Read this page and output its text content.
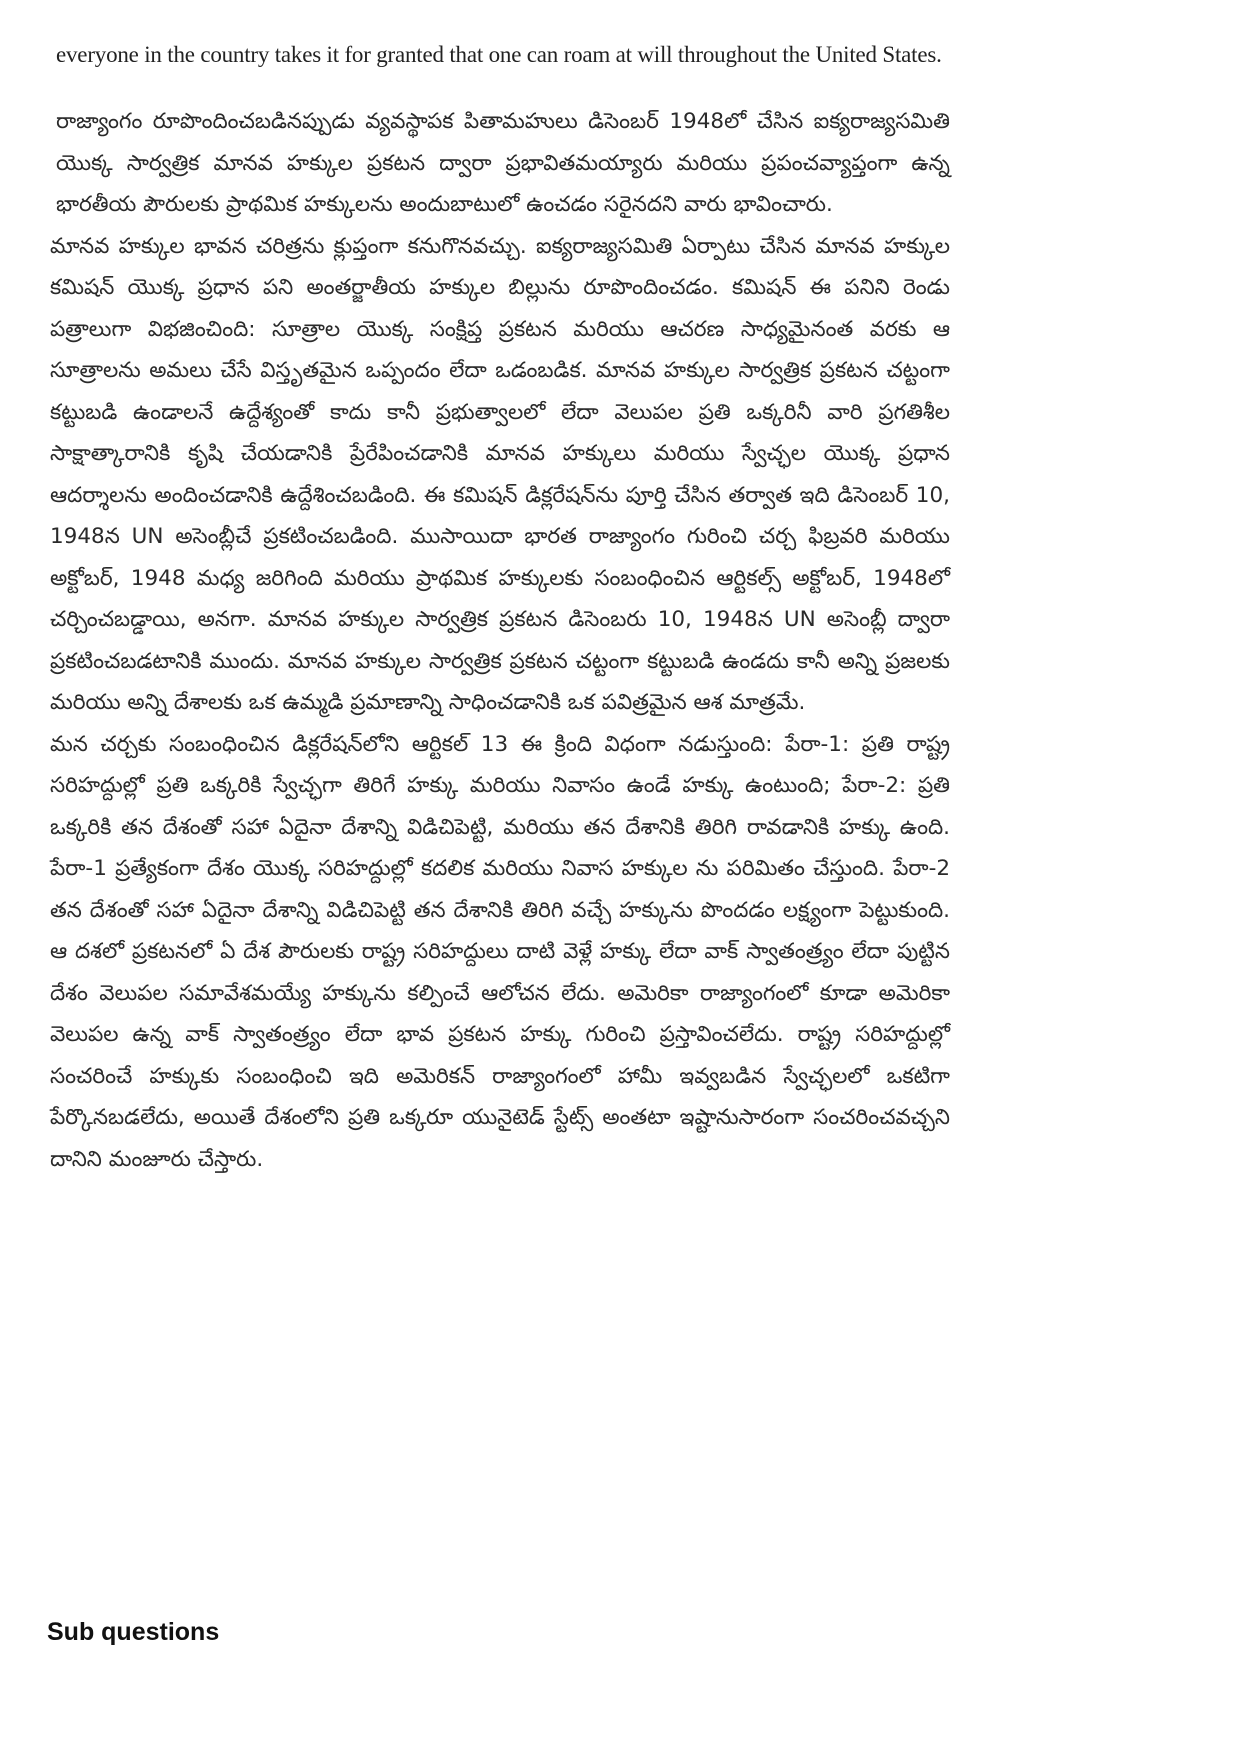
everyone in the country takes it for granted that one can roam at will throughout the United States.

రాజ్యాంగం రూపొందించబడినప్పుడు వ్యవస్థాపక పితామహులు డిసెంబర్ 1948లో చేసిన ఐక్యరాజ్యసమితి యొక్క సార్వత్రిక మానవ హక్కుల ప్రకటన ద్వారా ప్రభావితమయ్యారు మరియు ప్రపంచవ్యాప్తంగా ఉన్న భారతీయ పౌరులకు ప్రాథమిక హక్కులను అందుబాటులో ఉంచడం సరైనదని వారు భావించారు.

మానవ హక్కుల భావన చరిత్రను క్లుప్తంగా కనుగొనవచ్చు. ఐక్యరాజ్యసమితి ఏర్పాటు చేసిన మానవ హక్కుల కమిషన్ యొక్క ప్రధాన పని అంతర్జాతీయ హక్కుల బిల్లును రూపొందించడం. కమిషన్ ఈ పనిని రెండు పత్రాలుగా విభజించింది: సూత్రాల యొక్క సంక్షిప్త ప్రకటన మరియు ఆచరణ సాధ్యమైనంత వరకు ఆ సూత్రాలను అమలు చేసే విస్తృతమైన ఒప్పందం లేదా ఒడంబడిక. మానవ హక్కుల సార్వత్రిక ప్రకటన చట్టంగా కట్టుబడి ఉండాలనే ఉద్దేశ్యంతో కాదు కానీ ప్రభుత్వాలలో లేదా వెలుపల ప్రతి ఒక్కరినీ వారి ప్రగతిశీల సాక్షాత్కారానికి కృషి చేయడానికి ప్రేరేపించడానికి మానవ హక్కులు మరియు స్వేచ్ఛల యొక్క ప్రధాన ఆదర్శాలను అందించడానికి ఉద్దేశించబడింది. ఈ కమిషన్ డిక్లరేషన్‌ను పూర్తి చేసిన తర్వాత ఇది డిసెంబర్ 10, 1948న UN అసెంబ్లీచే ప్రకటించబడింది. ముసాయిదా భారత రాజ్యాంగం గురించి చర్చ ఫిబ్రవరి మరియు అక్టోబర్, 1948 మధ్య జరిగింది మరియు ప్రాథమిక హక్కులకు సంబంధించిన ఆర్టికల్స్ అక్టోబర్, 1948లో చర్చించబడ్డాయి, అనగా. మానవ హక్కుల సార్వత్రిక ప్రకటన డిసెంబరు 10, 1948న UN అసెంబ్లీ ద్వారా ప్రకటించబడటానికి ముందు. మానవ హక్కుల సార్వత్రిక ప్రకటన చట్టంగా కట్టుబడి ఉండదు కానీ అన్ని ప్రజలకు మరియు అన్ని దేశాలకు ఒక ఉమ్మడి ప్రమాణాన్ని సాధించడానికి ఒక పవిత్రమైన ఆశ మాత్రమే.

మన చర్చకు సంబంధించిన డిక్లరేషన్‌లోని ఆర్టికల్ 13 ఈ క్రింది విధంగా నడుస్తుంది: పేరా-1: ప్రతి రాష్ట్ర సరిహద్దుల్లో ప్రతి ఒక్కరికి స్వేచ్ఛగా తిరిగే హక్కు మరియు నివాసం ఉండే హక్కు ఉంటుంది; పేరా-2: ప్రతి ఒక్కరికి తన దేశంతో సహా ఏదైనా దేశాన్ని విడిచిపెట్టి, మరియు తన దేశానికి తిరిగి రావడానికి హక్కు ఉంది. పేరా-1 ప్రత్యేకంగా దేశం యొక్క సరిహద్దుల్లో కదలిక మరియు నివాస హక్కుల ను పరిమితం చేస్తుంది. పేరా-2 తన దేశంతో సహా ఏదైనా దేశాన్ని విడిచిపెట్టి తన దేశానికి తిరిగి వచ్చే హక్కును పొందడం లక్ష్యంగా పెట్టుకుంది. ఆ దశలో ప్రకటనలో ఏ దేశ పౌరులకు రాష్ట్ర సరిహద్దులు దాటి వెళ్లే హక్కు లేదా వాక్ స్వాతంత్ర్యం లేదా పుట్టిన దేశం వెలుపల సమావేశమయ్యే హక్కును కల్పించే ఆలోచన లేదు. అమెరికా రాజ్యాంగంలో కూడా అమెరికా వెలుపల ఉన్న వాక్ స్వాతంత్ర్యం లేదా భావ ప్రకటన హక్కు గురించి ప్రస్తావించలేదు. రాష్ట్ర సరిహద్దుల్లో సంచరించే హక్కుకు సంబంధించి ఇది అమెరికన్ రాజ్యాంగంలో హామీ ఇవ్వబడిన స్వేచ్ఛలలో ఒకటిగా పేర్కొనబడలేదు, అయితే దేశంలోని ప్రతి ఒక్కరూ యునైటెడ్ స్టేట్స్ అంతటా ఇష్టానుసారంగా సంచరించవచ్చని దానిని మంజూరు చేస్తారు.

Sub questions
